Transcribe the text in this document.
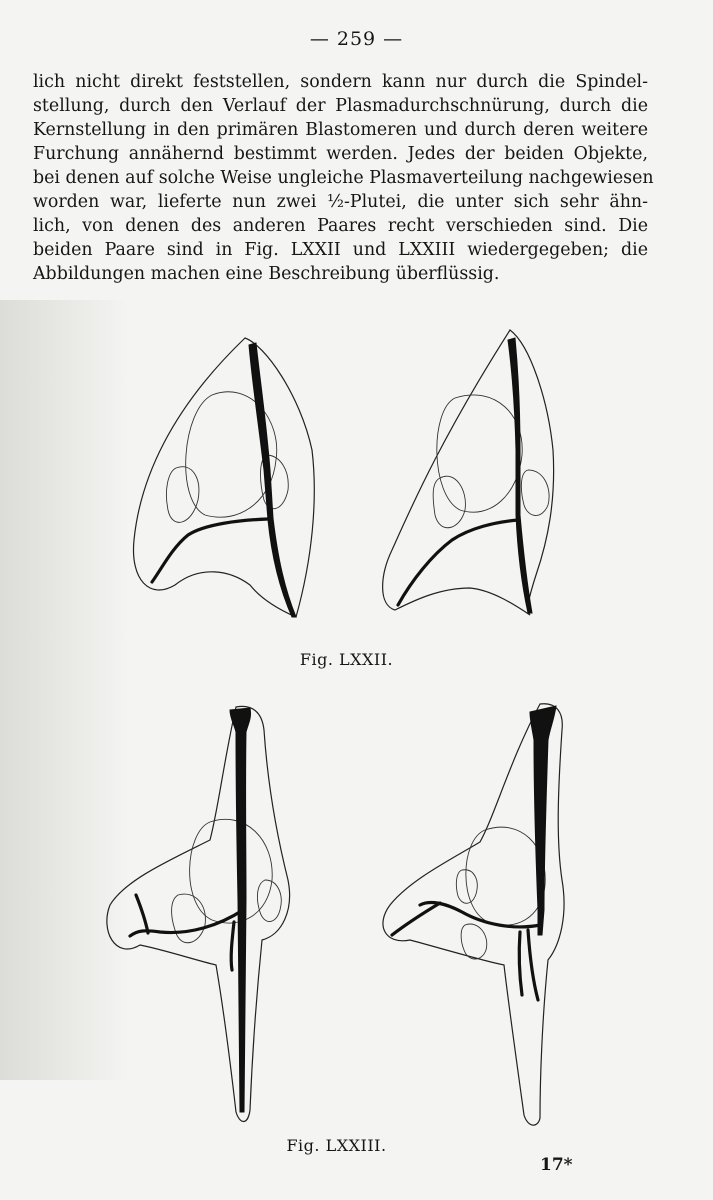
— 259 —

lich nicht direkt feststellen, sondern kann nur durch die Spindel-
stellung, durch den Verlauf der Plasmadurchschnürung, durch die
Kernstellung in den primären Blastomeren und durch deren weitere
Furchung annähernd bestimmt werden. Jedes der beiden Objekte,
bei denen auf solche Weise ungleiche Plasmaverteilung nachgewiesen
worden war, lieferte nun zwei ½-Plutei, die unter sich sehr ähn-
lich, von denen des anderen Paares recht verschieden sind. Die
beiden Paare sind in Fig. LXXII und LXXIII wiedergegeben; die
Abbildungen machen eine Beschreibung überflüssig.

Fig. LXXII.
Fig. LXXIII.
17*
